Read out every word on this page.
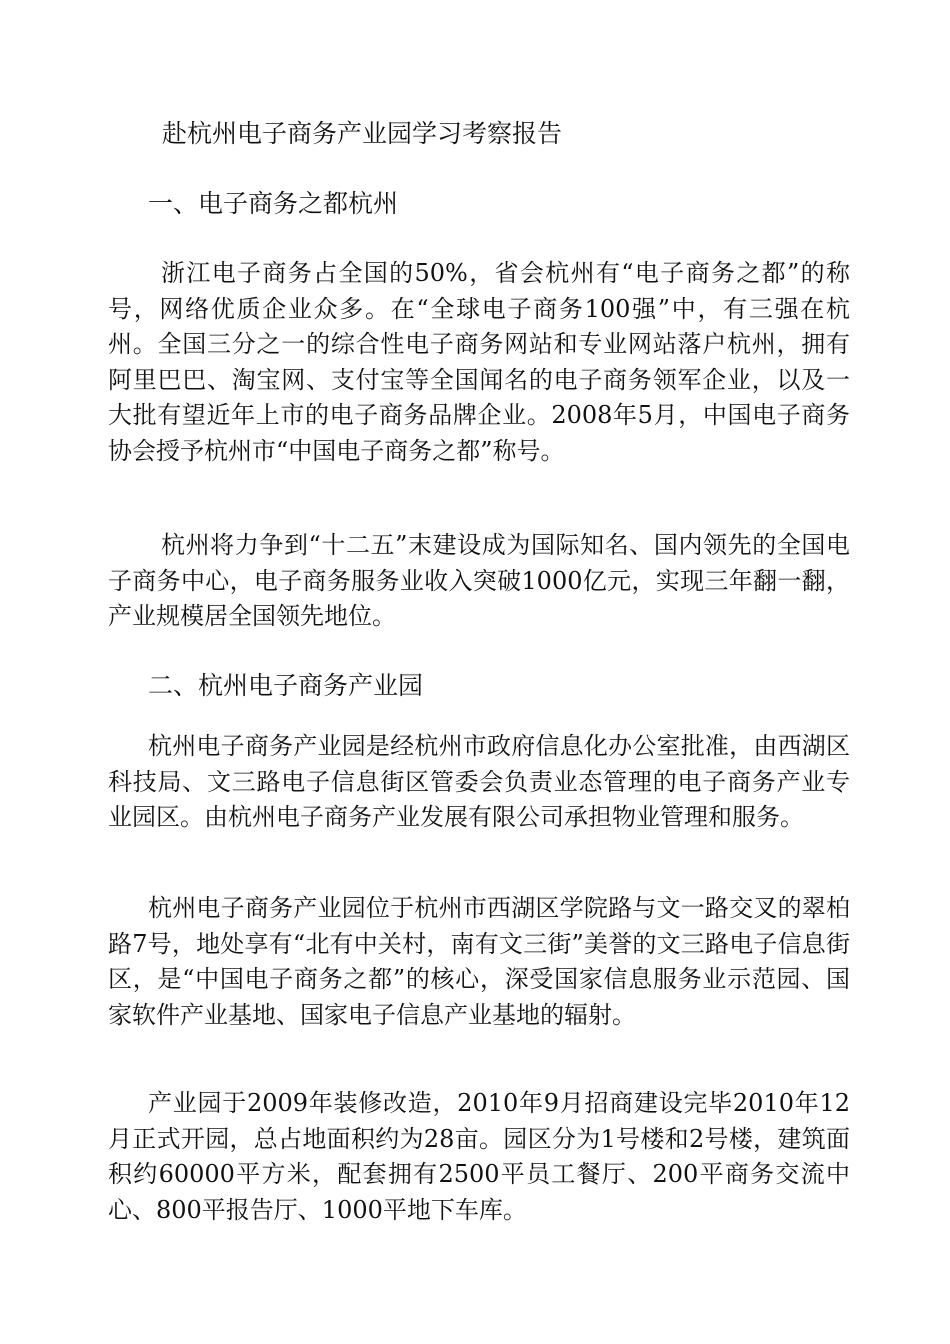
赴杭州电子商务产业园学习考察报告
一、电子商务之都杭州

浙江电子商务占全国的50%，省会杭州有“电子商务之都”的称号，网络优质企业众多。在“全球电子商务100强”中，有三强在杭州。全国三分之一的综合性电子商务网站和专业网站落户杭州，拥有阿里巴巴、淘宝网、支付宝等全国闻名的电子商务领军企业，以及一大批有望近年上市的电子商务品牌企业。2008年5月，中国电子商务协会授予杭州市“中国电子商务之都”称号。

杭州将力争到“十二五”末建设成为国际知名、国内领先的全国电子商务中心，电子商务服务业收入突破1000亿元，实现三年翻一翻，产业规模居全国领先地位。

二、杭州电子商务产业园

杭州电子商务产业园是经杭州市政府信息化办公室批准，由西湖区科技局、文三路电子信息街区管委会负责业态管理的电子商务产业专业园区。由杭州电子商务产业发展有限公司承担物业管理和服务。

杭州电子商务产业园位于杭州市西湖区学院路与文一路交叉的翠柏路7号，地处享有“北有中关村，南有文三街”美誉的文三路电子信息街区，是“中国电子商务之都”的核心，深受国家信息服务业示范园、国家软件产业基地、国家电子信息产业基地的辐射。

产业园于2009年装修改造，2010年9月招商建设完毕2010年12月正式开园，总占地面积约为28亩。园区分为1号楼和2号楼，建筑面积约60000平方米，配套拥有2500平员工餐厅、200平商务交流中心、800平报告厅、1000平地下车库。
